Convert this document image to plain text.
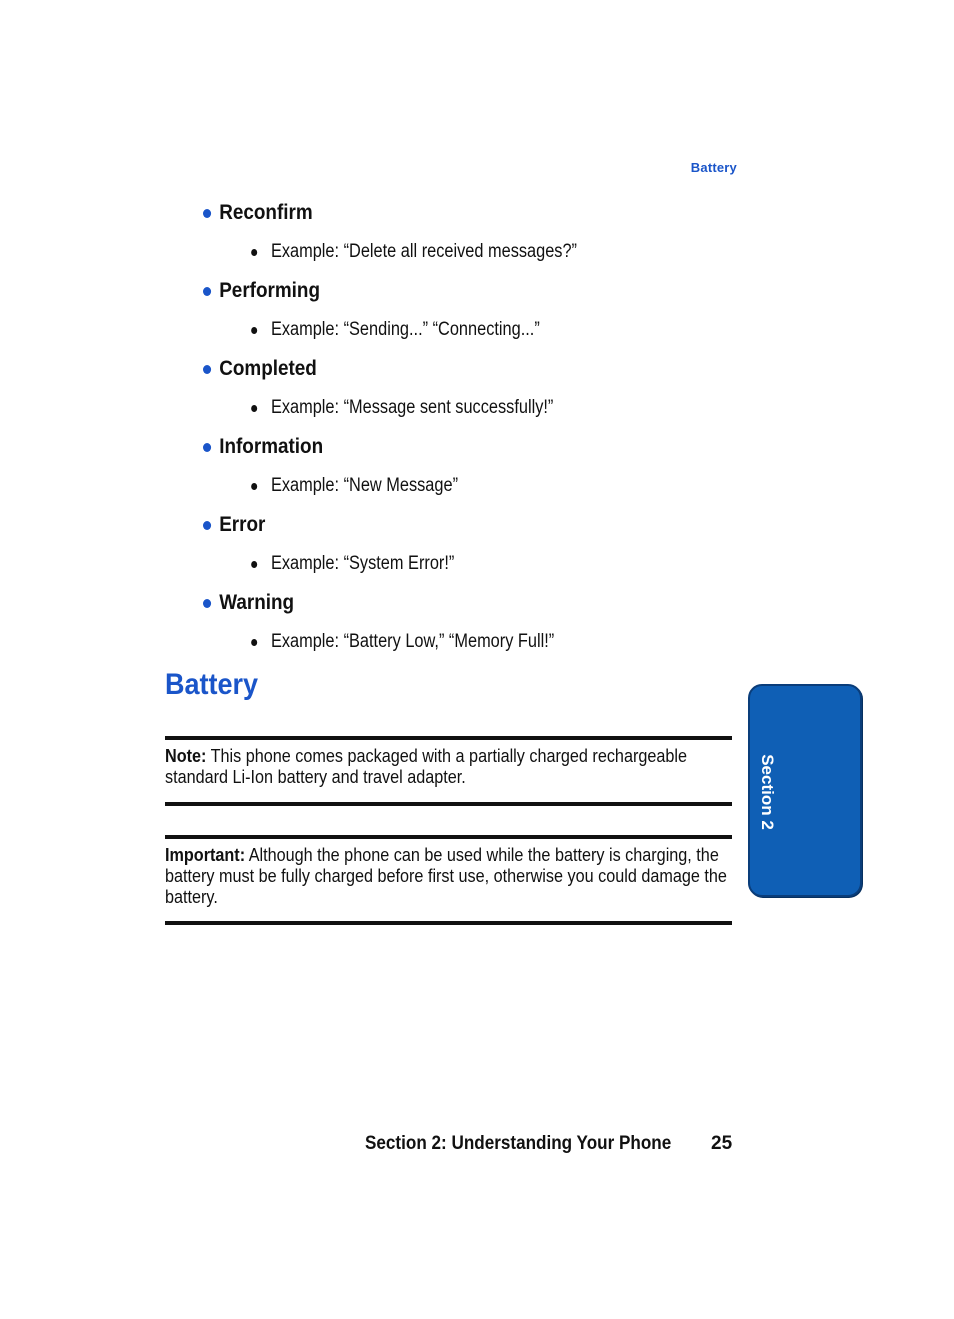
Battery
Reconfirm
Example: “Delete all received messages?”
Performing
Example: “Sending...” “Connecting...”
Completed
Example: “Message sent successfully!”
Information
Example: “New Message”
Error
Example: “System Error!”
Warning
Example: “Battery Low,” “Memory Full!”
Battery
Note: This phone comes packaged with a partially charged rechargeable standard Li-Ion battery and travel adapter.
Important: Although the phone can be used while the battery is charging, the battery must be fully charged before first use, otherwise you could damage the battery.
Section 2
Section 2: Understanding Your Phone 25
